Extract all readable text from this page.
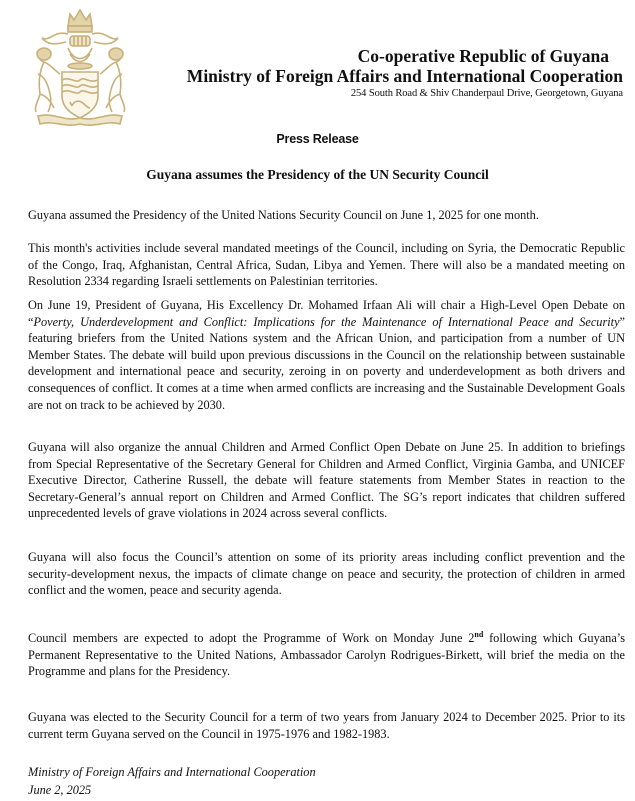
Co-operative Republic of Guyana
Ministry of Foreign Affairs and International Cooperation
254 South Road & Shiv Chanderpaul Drive, Georgetown, Guyana
Press Release
Guyana assumes the Presidency of the UN Security Council

Guyana assumed the Presidency of the United Nations Security Council on June 1, 2025 for one month.

This month's activities include several mandated meetings of the Council, including on Syria, the Democratic Republic of the Congo, Iraq, Afghanistan, Central Africa, Sudan, Libya and Yemen. There will also be a mandated meeting on Resolution 2334 regarding Israeli settlements on Palestinian territories.

On June 19, President of Guyana, His Excellency Dr. Mohamed Irfaan Ali will chair a High-Level Open Debate on “Poverty, Underdevelopment and Conflict: Implications for the Maintenance of International Peace and Security” featuring briefers from the United Nations system and the African Union, and participation from a number of UN Member States. The debate will build upon previous discussions in the Council on the relationship between sustainable development and international peace and security, zeroing in on poverty and underdevelopment as both drivers and consequences of conflict. It comes at a time when armed conflicts are increasing and the Sustainable Development Goals are not on track to be achieved by 2030.

Guyana will also organize the annual Children and Armed Conflict Open Debate on June 25. In addition to briefings from Special Representative of the Secretary General for Children and Armed Conflict, Virginia Gamba, and UNICEF Executive Director, Catherine Russell, the debate will feature statements from Member States in reaction to the Secretary-General’s annual report on Children and Armed Conflict. The SG’s report indicates that children suffered unprecedented levels of grave violations in 2024 across several conflicts.

Guyana will also focus the Council’s attention on some of its priority areas including conflict prevention and the security-development nexus, the impacts of climate change on peace and security, the protection of children in armed conflict and the women, peace and security agenda.

Council members are expected to adopt the Programme of Work on Monday June 2nd following which Guyana’s Permanent Representative to the United Nations, Ambassador Carolyn Rodrigues-Birkett, will brief the media on the Programme and plans for the Presidency.

Guyana was elected to the Security Council for a term of two years from January 2024 to December 2025. Prior to its current term Guyana served on the Council in 1975-1976 and 1982-1983.

Ministry of Foreign Affairs and International Cooperation
June 2, 2025
